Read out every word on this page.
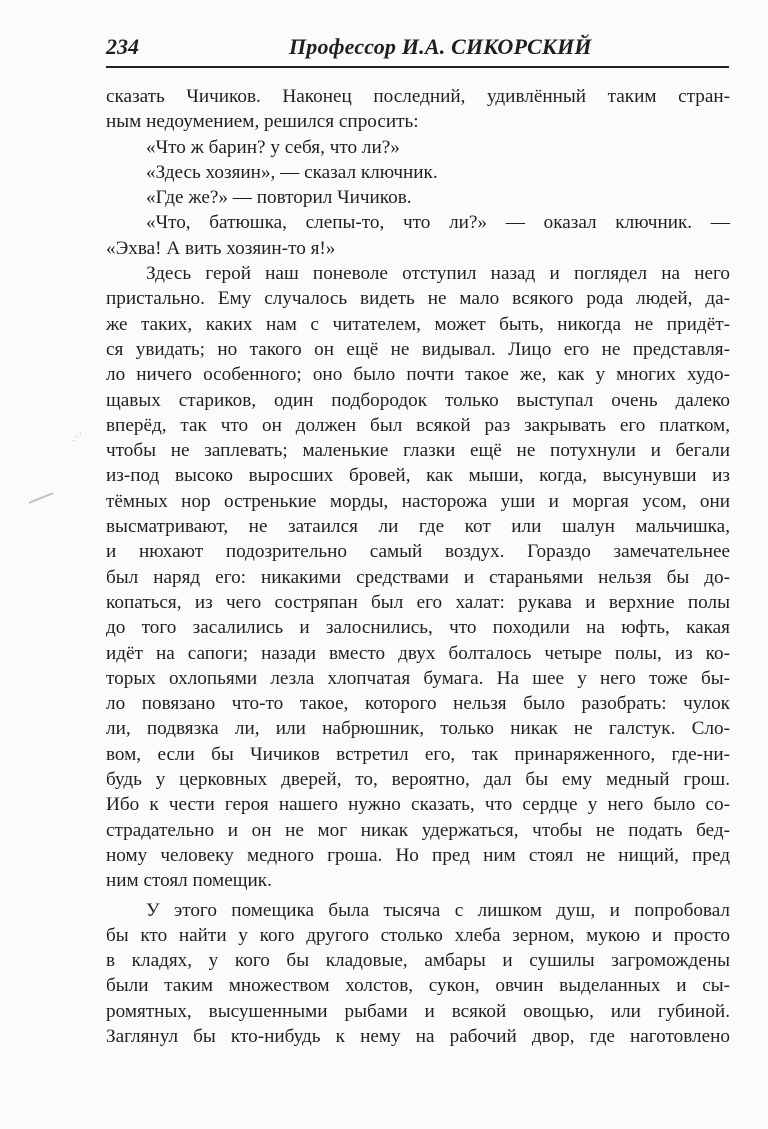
234	Профессор И.А. СИКОРСКИЙ
⋰
сказать Чичиков. Наконец последний, удивлённый таким стран-
ным недоумением, решился спросить:
«Что ж барин? у себя, что ли?»
«Здесь хозяин», — сказал ключник.
«Где же?» — повторил Чичиков.
«Что, батюшка, слепы-то, что ли?» — оказал ключник. —
«Эхва! А вить хозяин-то я!»
Здесь герой наш поневоле отступил назад и поглядел на него
пристально. Ему случалось видеть не мало всякого рода людей, да-
же таких, каких нам с читателем, может быть, никогда не придёт-
ся увидать; но такого он ещё не видывал. Лицо его не представля-
ло ничего особенного; оно было почти такое же, как у многих худо-
щавых стариков, один подбородок только выступал очень далеко
вперёд, так что он должен был всякой раз закрывать его платком,
чтобы не заплевать; маленькие глазки ещё не потухнули и бегали
из-под высоко выросших бровей, как мыши, когда, высунувши из
тёмных нор остренькие морды, насторожа уши и моргая усом, они
высматривают, не затаился ли где кот или шалун мальчишка,
и нюхают подозрительно самый воздух. Гораздо замечательнее
был наряд его: никакими средствами и стараньями нельзя бы до-
копаться, из чего состряпан был его халат: рукава и верхние полы
до того засалились и залоснились, что походили на юфть, какая
идёт на сапоги; назади вместо двух болталось четыре полы, из ко-
торых охлопьями лезла хлопчатая бумага. На шее у него тоже бы-
ло повязано что-то такое, которого нельзя было разобрать: чулок
ли, подвязка ли, или набрюшник, только никак не галстук. Сло-
вом, если бы Чичиков встретил его, так принаряженного, где-ни-
будь у церковных дверей, то, вероятно, дал бы ему медный грош.
Ибо к чести героя нашего нужно сказать, что сердце у него было со-
страдательно и он не мог никак удержаться, чтобы не подать бед-
ному человеку медного гроша. Но пред ним стоял не нищий, пред
ним стоял помещик.
У этого помещика была тысяча с лишком душ, и попробовал
бы кто найти у кого другого столько хлеба зерном, мукою и просто
в кладях, у кого бы кладовые, амбары и сушилы загромождены
были таким множеством холстов, сукон, овчин выделанных и сы-
ромятных, высушенными рыбами и всякой овощью, или губиной.
Заглянул бы кто-нибудь к нему на рабочий двор, где наготовлено
